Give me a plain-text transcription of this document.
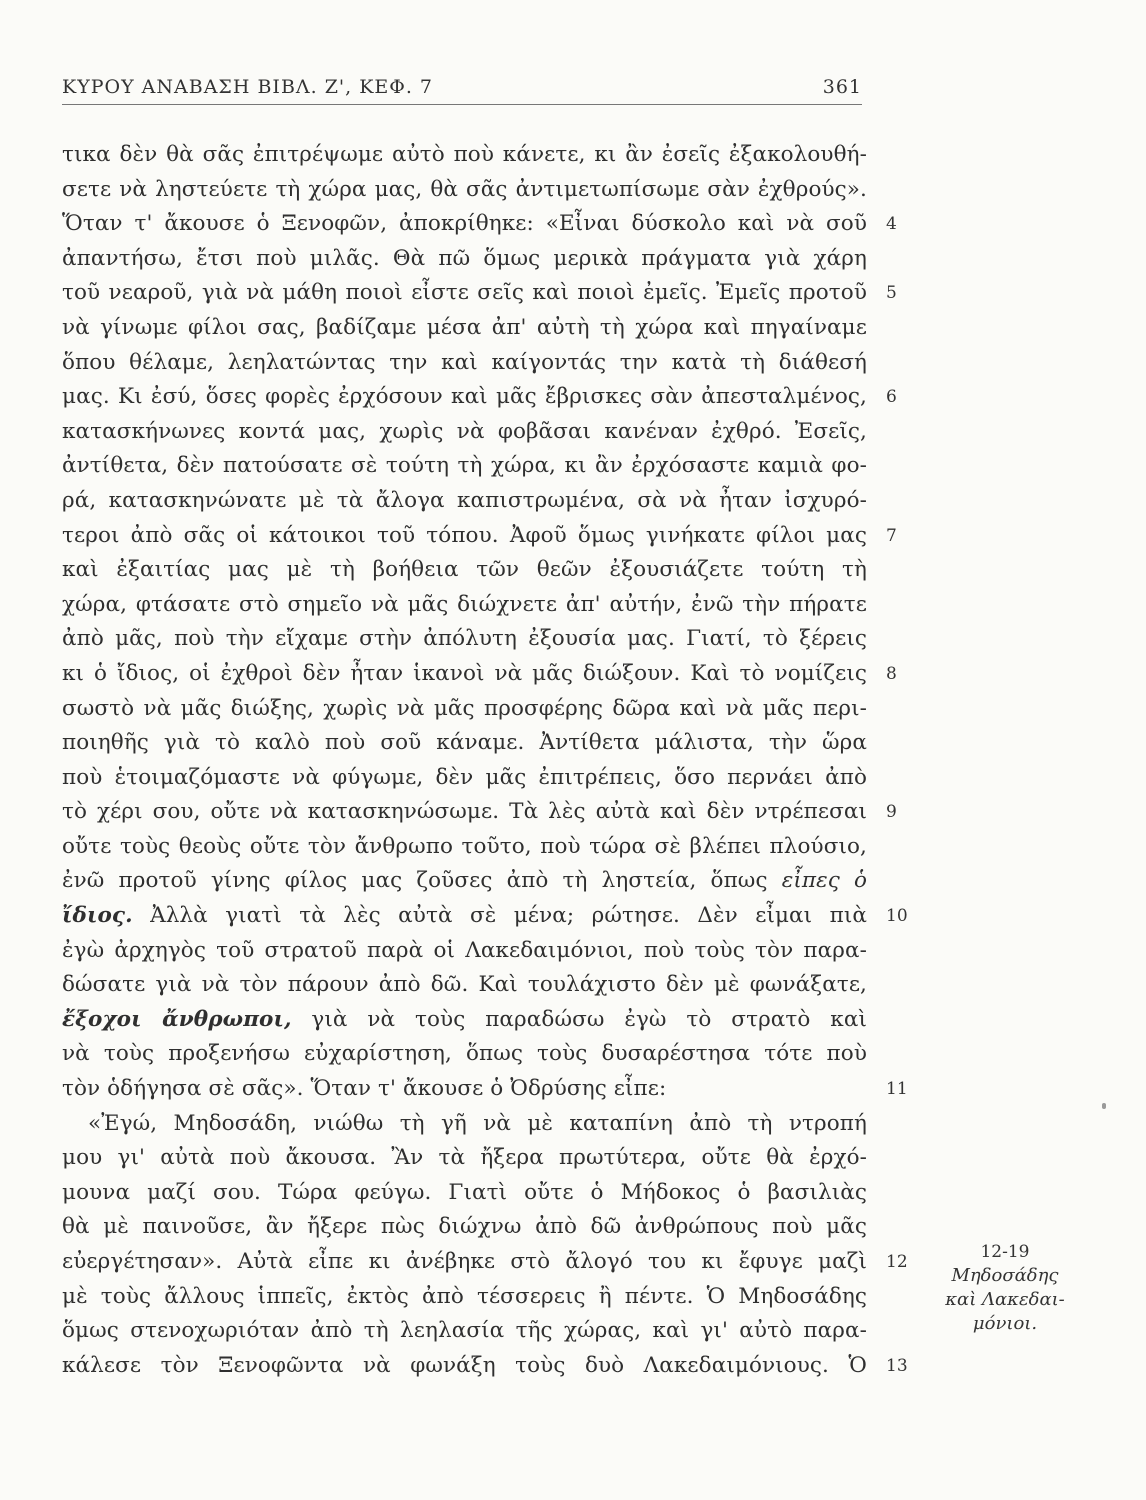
ΚΥΡΟΥ ΑΝΑΒΑΣΗ ΒΙΒΛ. Ζ', ΚΕΦ. 7	361
τικα δὲν θὰ σᾶς ἐπιτρέψωμε αὐτὸ ποὺ κάνετε, κι ἂν ἐσεῖς ἐξακολουθή-
σετε νὰ ληστεύετε τὴ χώρα μας, θὰ σᾶς ἀντιμετωπίσωμε σὰν ἐχθρούς».
Ὅταν τ' ἄκουσε ὁ Ξενοφῶν, ἀποκρίθηκε: «Εἶναι δύσκολο καὶ νὰ σοῦ 4
ἀπαντήσω, ἔτσι ποὺ μιλᾶς. Θὰ πῶ ὅμως μερικὰ πράγματα γιὰ χάρη
τοῦ νεαροῦ, γιὰ νὰ μάθη ποιοὶ εἶστε σεῖς καὶ ποιοὶ ἐμεῖς. Ἐμεῖς προτοῦ 5
νὰ γίνωμε φίλοι σας, βαδίζαμε μέσα ἀπ' αὐτὴ τὴ χώρα καὶ πηγαίναμε
ὅπου θέλαμε, λεηλατώντας την καὶ καίγοντάς την κατὰ τὴ διάθεσή
μας. Κι ἐσύ, ὅσες φορὲς ἐρχόσουν καὶ μᾶς ἔβρισκες σὰν ἀπεσταλμένος, 6
κατασκήνωνες κοντά μας, χωρὶς νὰ φοβᾶσαι κανέναν ἐχθρό. Ἐσεῖς,
ἀντίθετα, δὲν πατούσατε σὲ τούτη τὴ χώρα, κι ἂν ἐρχόσαστε καμιὰ φο-
ρά, κατασκηνώνατε μὲ τὰ ἄλογα καπιστρωμένα, σὰ νὰ ἦταν ἰσχυρό-
τεροι ἀπὸ σᾶς οἱ κάτοικοι τοῦ τόπου. Ἀφοῦ ὅμως γινήκατε φίλοι μας 7
καὶ ἐξαιτίας μας μὲ τὴ βοήθεια τῶν θεῶν ἐξουσιάζετε τούτη τὴ
χώρα, φτάσατε στὸ σημεῖο νὰ μᾶς διώχνετε ἀπ' αὐτήν, ἐνῶ τὴν πήρατε
ἀπὸ μᾶς, ποὺ τὴν εἴχαμε στὴν ἀπόλυτη ἐξουσία μας. Γιατί, τὸ ξέρεις
κι ὁ ἴδιος, οἱ ἐχθροὶ δὲν ἦταν ἱκανοὶ νὰ μᾶς διώξουν. Καὶ τὸ νομίζεις 8
σωστὸ νὰ μᾶς διώξης, χωρὶς νὰ μᾶς προσφέρης δῶρα καὶ νὰ μᾶς περι-
ποιηθῆς γιὰ τὸ καλὸ ποὺ σοῦ κάναμε. Ἀντίθετα μάλιστα, τὴν ὥρα
ποὺ ἑτοιμαζόμαστε νὰ φύγωμε, δὲν μᾶς ἐπιτρέπεις, ὅσο περνάει ἀπὸ
τὸ χέρι σου, οὔτε νὰ κατασκηνώσωμε. Τὰ λὲς αὐτὰ καὶ δὲν ντρέπεσαι 9
οὔτε τοὺς θεοὺς οὔτε τὸν ἄνθρωπο τοῦτο, ποὺ τώρα σὲ βλέπει πλούσιο,
ἐνῶ προτοῦ γίνης φίλος μας ζοῦσες ἀπὸ τὴ ληστεία, ὅπως εἶπες ὁ
ἴδιος. Ἀλλὰ γιατὶ τὰ λὲς αὐτὰ σὲ μένα; ρώτησε. Δὲν εἶμαι πιὰ 10
ἐγὼ ἀρχηγὸς τοῦ στρατοῦ παρὰ οἱ Λακεδαιμόνιοι, ποὺ τοὺς τὸν παρα-
δώσατε γιὰ νὰ τὸν πάρουν ἀπὸ δῶ. Καὶ τουλάχιστο δὲν μὲ φωνάξατε,
ἔξοχοι ἄνθρωποι, γιὰ νὰ τοὺς παραδώσω ἐγὼ τὸ στρατὸ καὶ
νὰ τοὺς προξενήσω εὐχαρίστηση, ὅπως τοὺς δυσαρέστησα τότε ποὺ
τὸν ὁδήγησα σὲ σᾶς». Ὅταν τ' ἄκουσε ὁ Ὀδρύσης εἶπε:	11
«Ἐγώ, Μηδοσάδη, νιώθω τὴ γῆ νὰ μὲ καταπίνη ἀπὸ τὴ ντροπή
μου γι' αὐτὰ ποὺ ἄκουσα. Ἂν τὰ ἤξερα πρωτύτερα, οὔτε θὰ ἐρχό-
μουνα μαζί σου. Τώρα φεύγω. Γιατὶ οὔτε ὁ Μήδοκος ὁ βασιλιὰς
θὰ μὲ παινοῦσε, ἂν ἤξερε πὼς διώχνω ἀπὸ δῶ ἀνθρώπους ποὺ μᾶς
εὐεργέτησαν». Αὐτὰ εἶπε κι ἀνέβηκε στὸ ἄλογό του κι ἔφυγε μαζὶ 12
μὲ τοὺς ἄλλους ἱππεῖς, ἐκτὸς ἀπὸ τέσσερεις ἢ πέντε. Ὁ Μηδοσάδης
ὅμως στενοχωριόταν ἀπὸ τὴ λεηλασία τῆς χώρας, καὶ γι' αὐτὸ παρα-
κάλεσε τὸν Ξενοφῶντα νὰ φωνάξη τοὺς δυὸ Λακεδαιμόνιους. Ὁ 13
12-19
Μηδοσάδης
καὶ Λακεδαι-
μόνιοι.
